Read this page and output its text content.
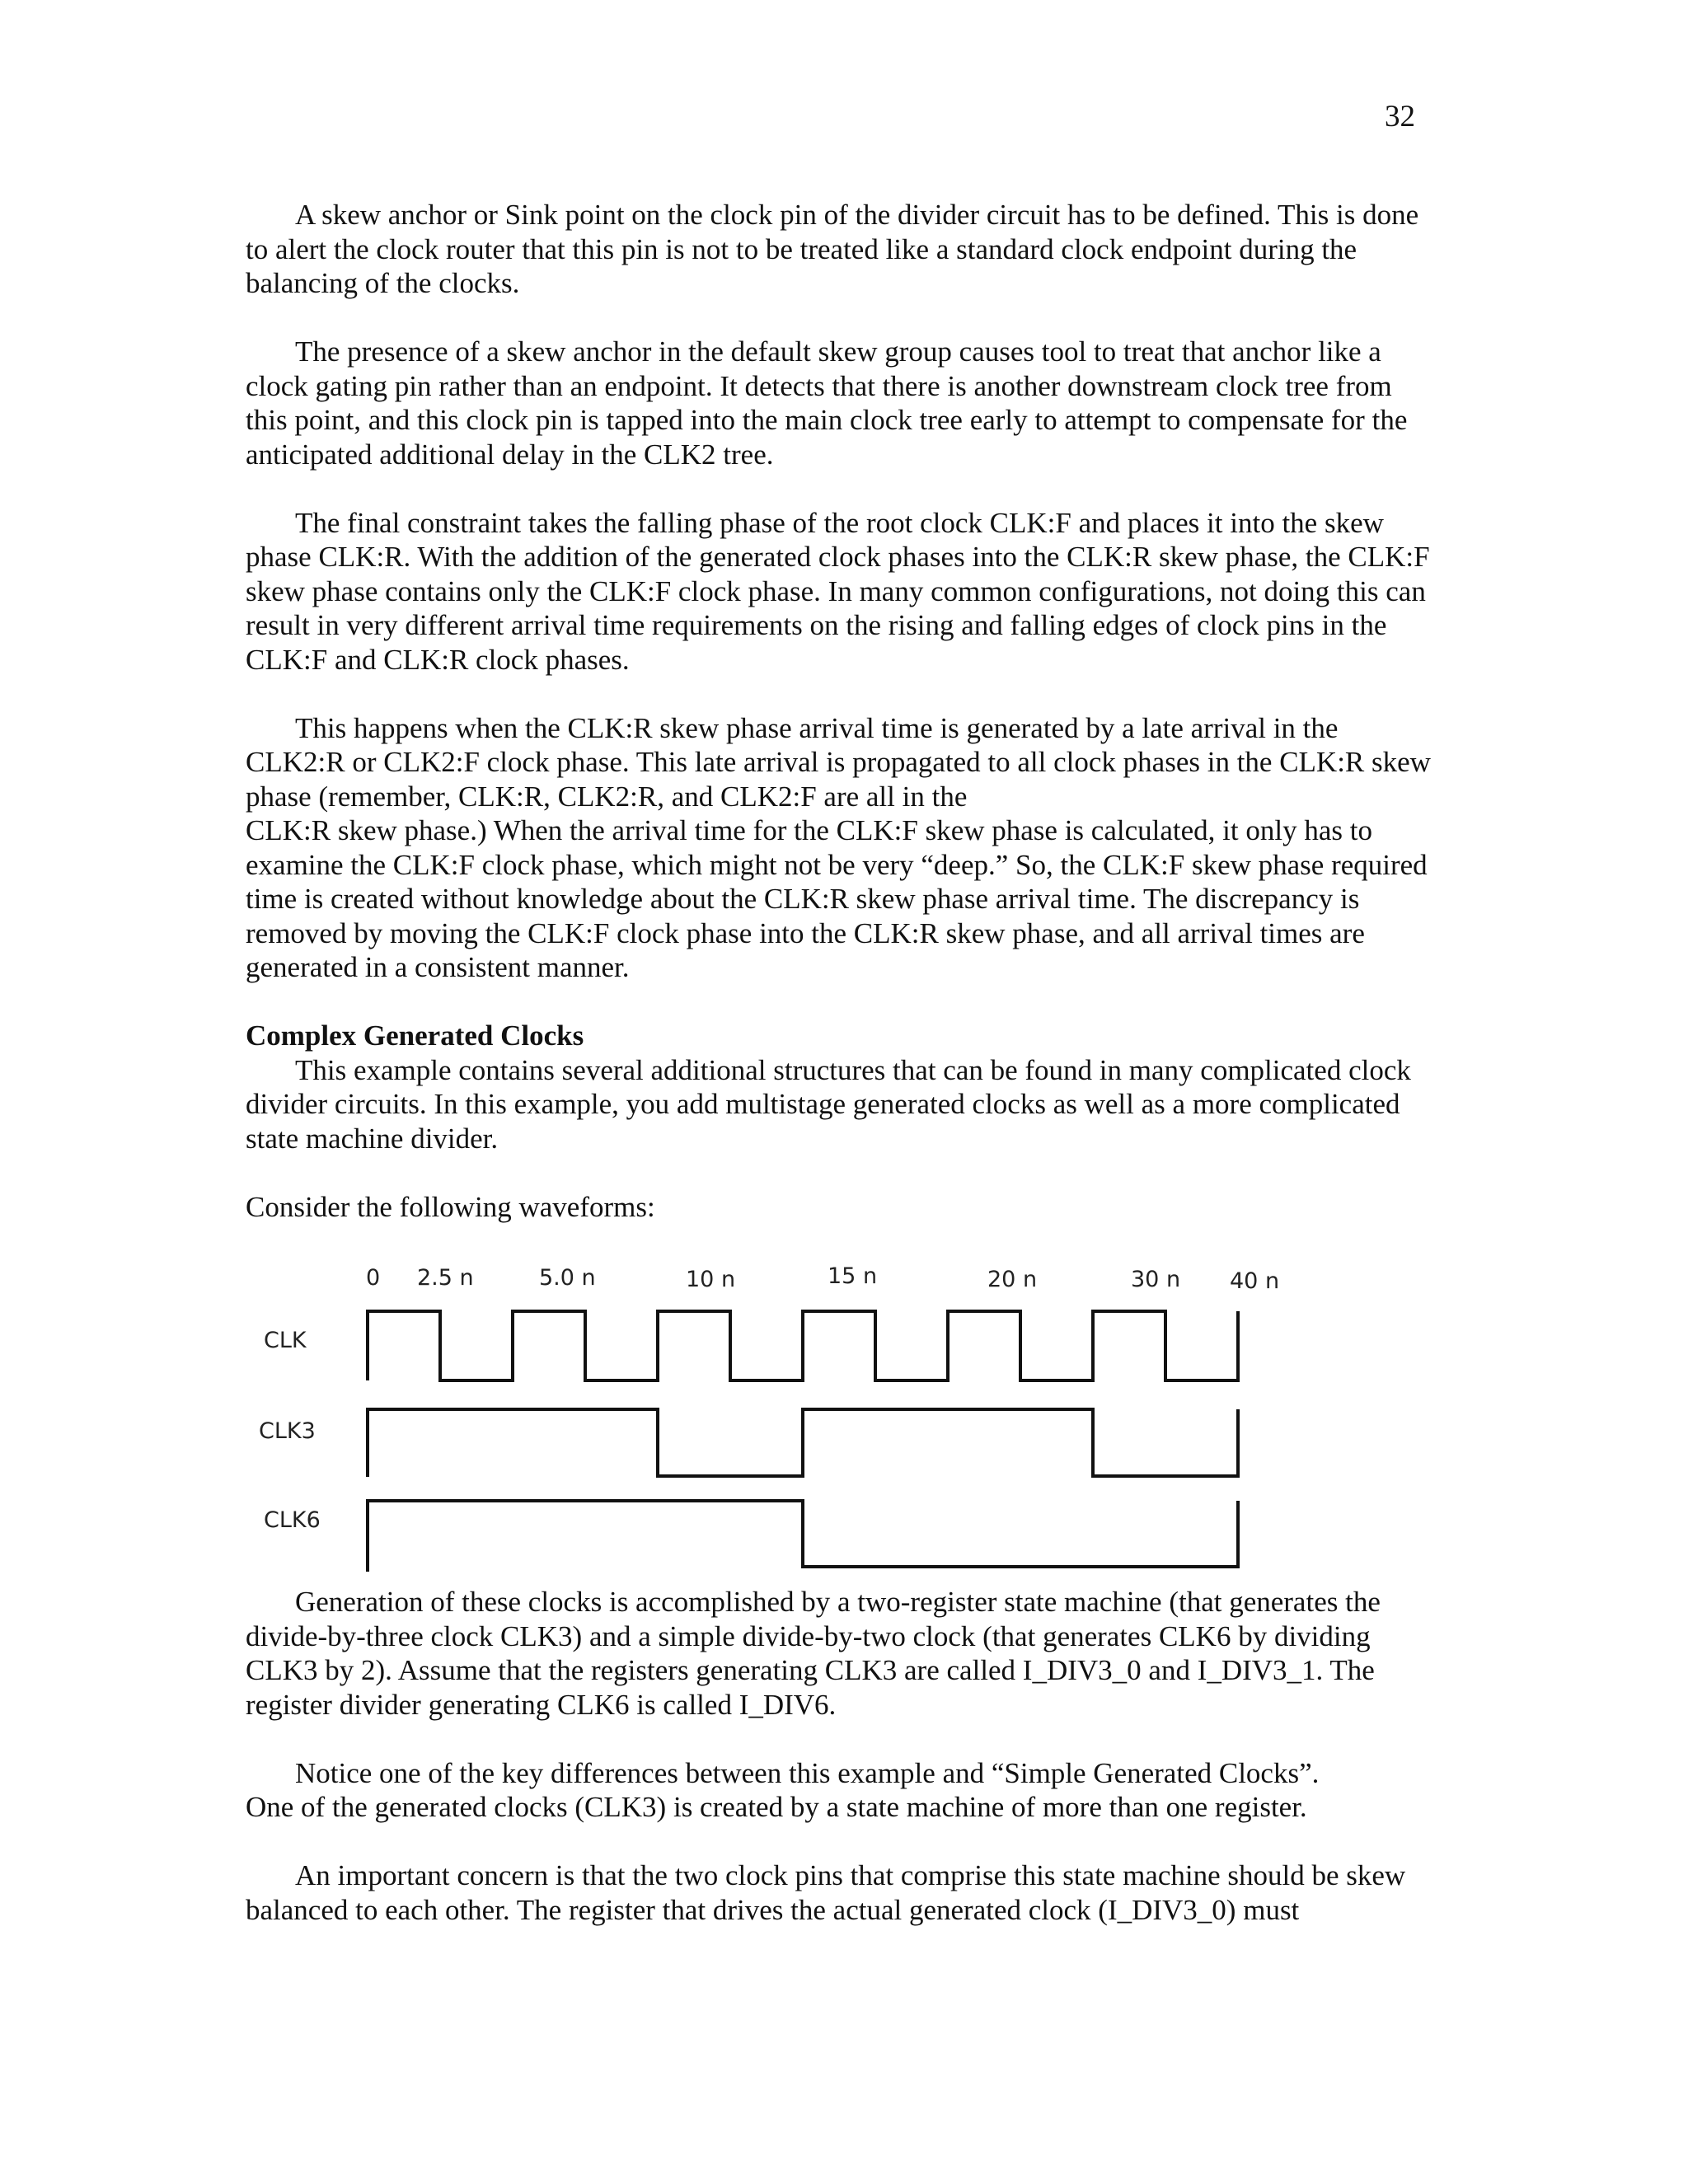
32

A skew anchor or Sink point on the clock pin of the divider circuit has to be defined. This is done to alert the clock router that this pin is not to be treated like a standard clock endpoint during the balancing of the clocks.

The presence of a skew anchor in the default skew group causes tool to treat that anchor like a clock gating pin rather than an endpoint. It detects that there is another downstream clock tree from this point, and this clock pin is tapped into the main clock tree early to attempt to compensate for the anticipated additional delay in the CLK2 tree.

The final constraint takes the falling phase of the root clock CLK:F and places it into the skew phase CLK:R. With the addition of the generated clock phases into the CLK:R skew phase, the CLK:F skew phase contains only the CLK:F clock phase. In many common configurations, not doing this can result in very different arrival time requirements on the rising and falling edges of clock pins in the CLK:F and CLK:R clock phases.

This happens when the CLK:R skew phase arrival time is generated by a late arrival in the CLK2:R or CLK2:F clock phase. This late arrival is propagated to all clock phases in the CLK:R skew phase (remember, CLK:R, CLK2:R, and CLK2:F are all in the
CLK:R skew phase.) When the arrival time for the CLK:F skew phase is calculated, it only has to examine the CLK:F clock phase, which might not be very “deep.” So, the CLK:F skew phase required time is created without knowledge about the CLK:R skew phase arrival time. The discrepancy is removed by moving the CLK:F clock phase into the CLK:R skew phase, and all arrival times are generated in a consistent manner.

Complex Generated Clocks

This example contains several additional structures that can be found in many complicated clock divider circuits. In this example, you add multistage generated clocks as well as a more complicated state machine divider.

Consider the following waveforms:

0 2.5 n	5.0 n	10 n	15 n	20 n	30 n 40 n
CLK
CLK3
CLK6

Generation of these clocks is accomplished by a two-register state machine (that generates the divide-by-three clock CLK3) and a simple divide-by-two clock (that generates CLK6 by dividing CLK3 by 2). Assume that the registers generating CLK3 are called I_DIV3_0 and I_DIV3_1. The register divider generating CLK6 is called I_DIV6.

Notice one of the key differences between this example and “Simple Generated Clocks”.
One of the generated clocks (CLK3) is created by a state machine of more than one register.

An important concern is that the two clock pins that comprise this state machine should be skew balanced to each other. The register that drives the actual generated clock (I_DIV3_0) must
